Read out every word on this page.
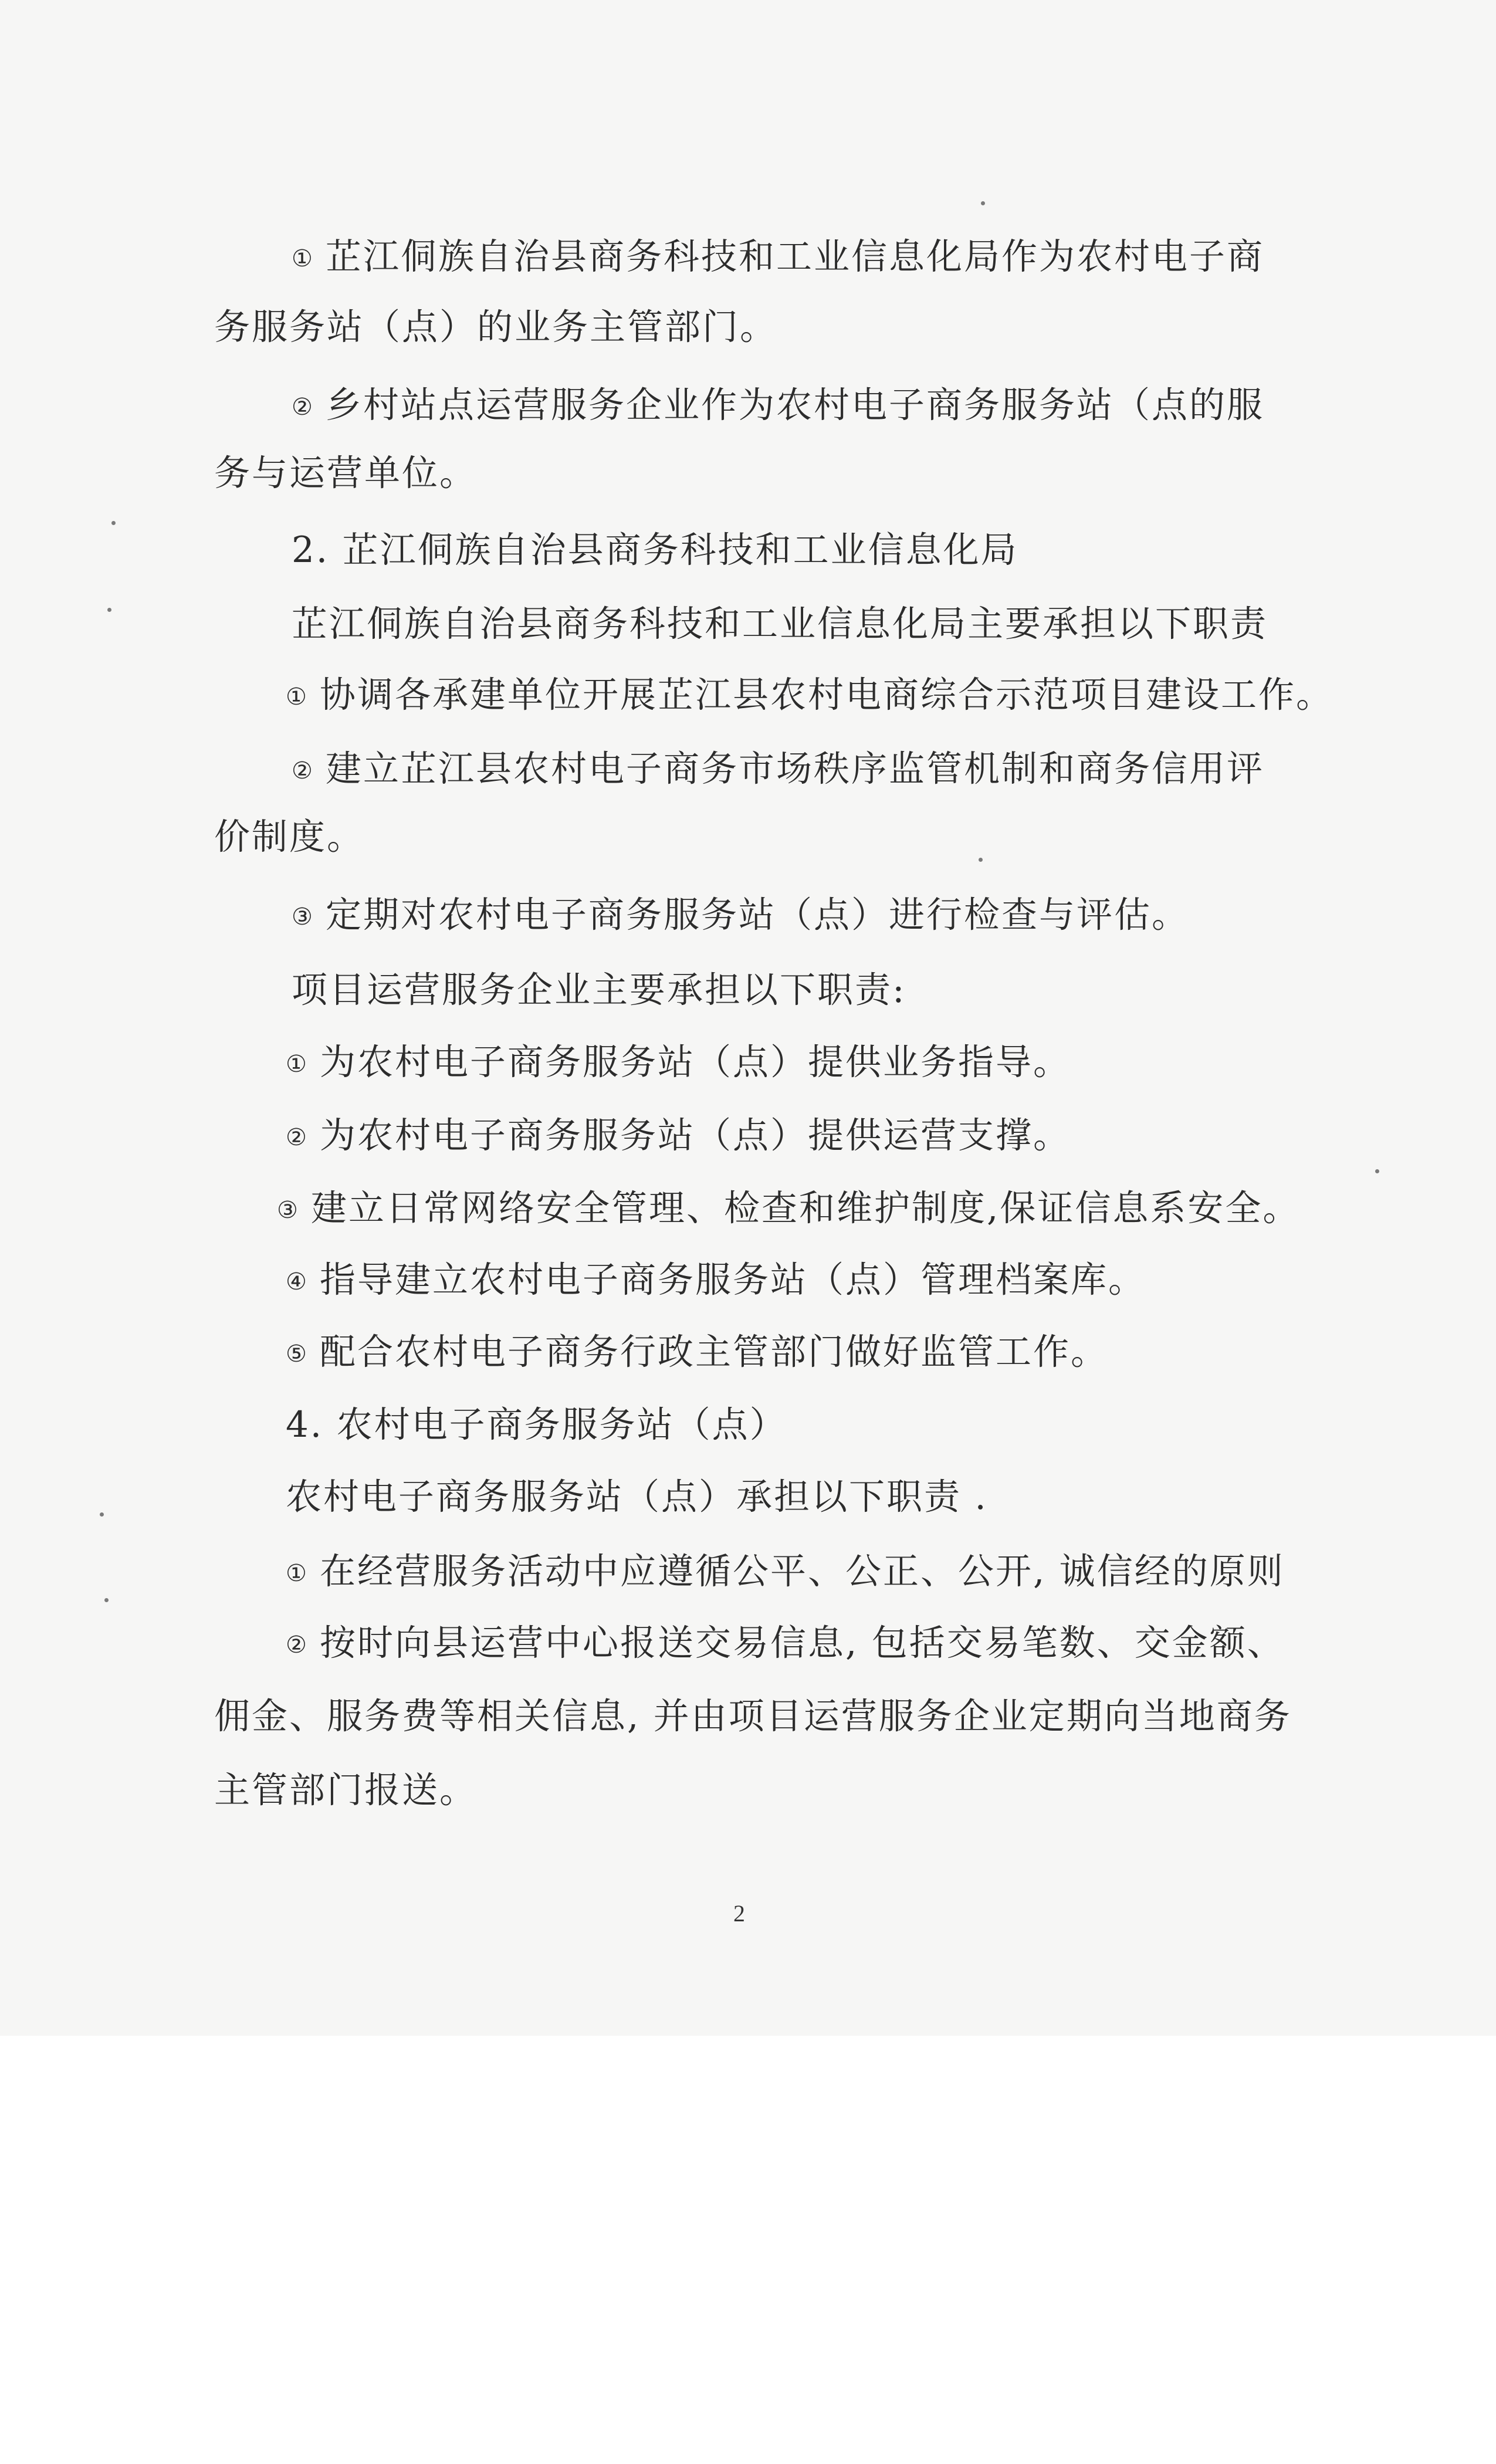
① 芷江侗族自治县商务科技和工业信息化局作为农村电子商

务服务站（点）的业务主管部门。

② 乡村站点运营服务企业作为农村电子商务服务站（点的服

务与运营单位。

2. 芷江侗族自治县商务科技和工业信息化局

芷江侗族自治县商务科技和工业信息化局主要承担以下职责

① 协调各承建单位开展芷江县农村电商综合示范项目建设工作。

② 建立芷江县农村电子商务市场秩序监管机制和商务信用评

价制度。

③ 定期对农村电子商务服务站（点）进行检查与评估。

项目运营服务企业主要承担以下职责:

① 为农村电子商务服务站（点）提供业务指导。

② 为农村电子商务服务站（点）提供运营支撑。

③ 建立日常网络安全管理、检查和维护制度,保证信息系安全。

④ 指导建立农村电子商务服务站（点）管理档案库。

⑤ 配合农村电子商务行政主管部门做好监管工作。

4. 农村电子商务服务站（点）

农村电子商务服务站（点）承担以下职责 .

① 在经营服务活动中应遵循公平、公正、公开, 诚信经的原则

② 按时向县运营中心报送交易信息, 包括交易笔数、交金额、

佣金、服务费等相关信息, 并由项目运营服务企业定期向当地商务

主管部门报送。

2
